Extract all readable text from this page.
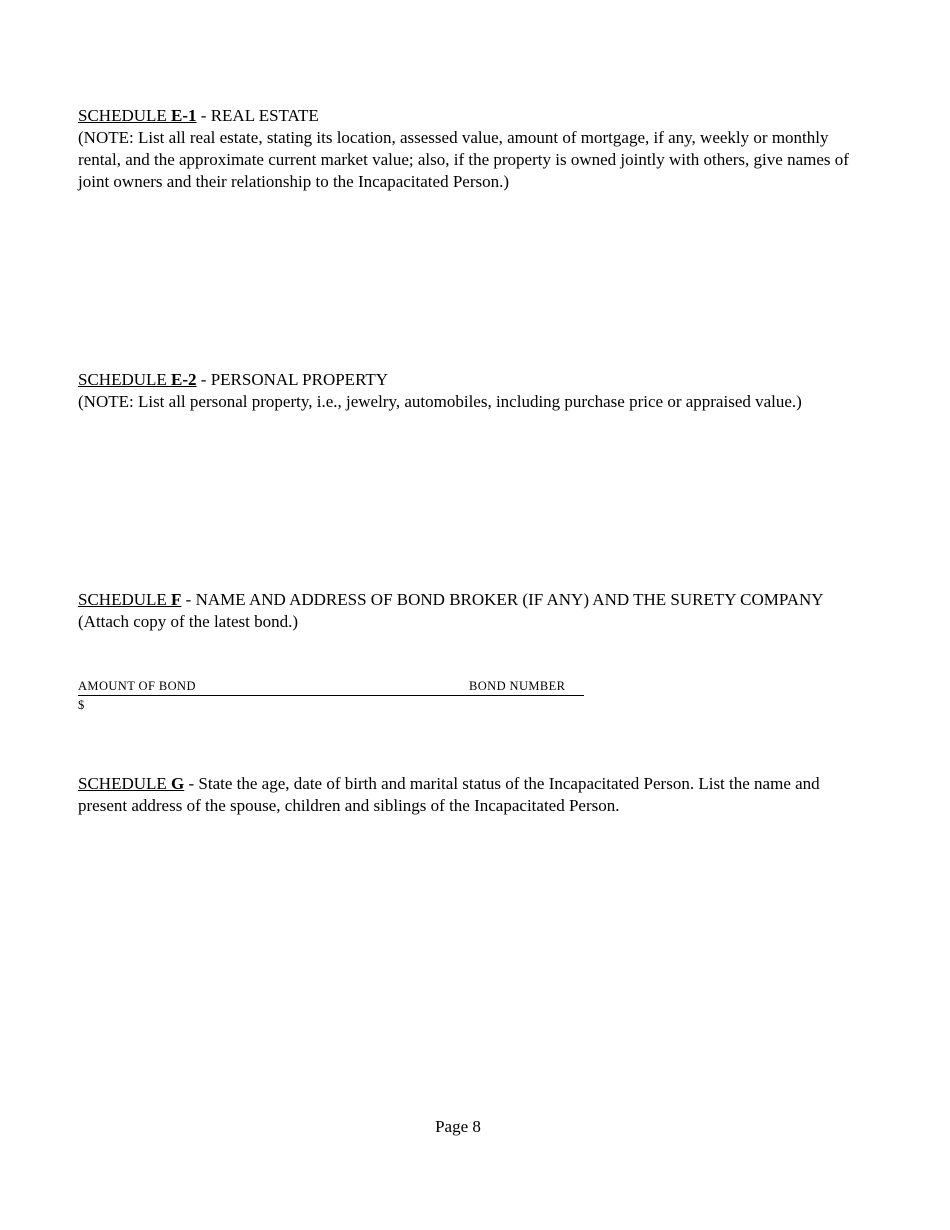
SCHEDULE E-1 - REAL ESTATE
(NOTE: List all real estate, stating its location, assessed value, amount of mortgage, if any, weekly or monthly rental, and the approximate current market value; also, if the property is owned jointly with others, give names of joint owners and their relationship to the Incapacitated Person.)
SCHEDULE E-2 - PERSONAL PROPERTY
(NOTE: List all personal property, i.e., jewelry, automobiles, including purchase price or appraised value.)
SCHEDULE F - NAME AND ADDRESS OF BOND BROKER (IF ANY) AND THE SURETY COMPANY (Attach copy of the latest bond.)
AMOUNT OF BOND	BOND NUMBER
$
SCHEDULE G - State the age, date of birth and marital status of the Incapacitated Person. List the name and present address of the spouse, children and siblings of the Incapacitated Person.
Page 8
